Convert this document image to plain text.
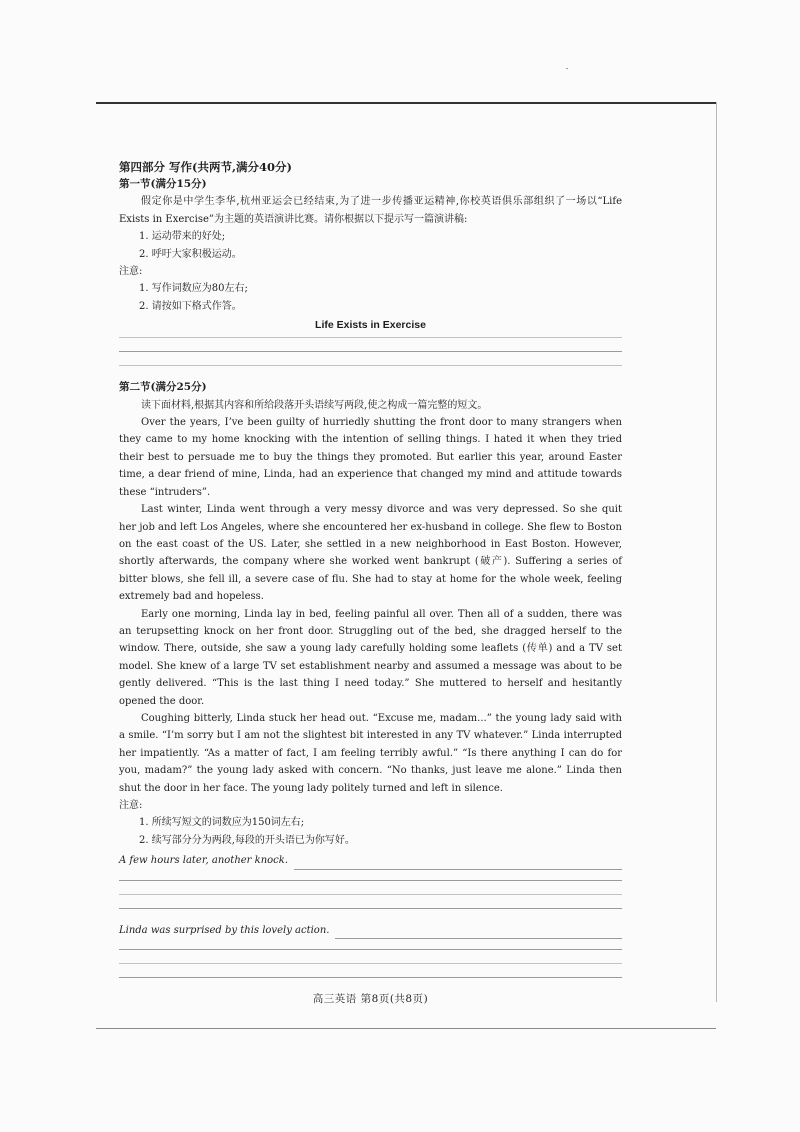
第四部分 写作(共两节,满分40分)

第一节(满分15分)

假定你是中学生李华,杭州亚运会已经结束,为了进一步传播亚运精神,你校英语俱乐部组织了一场以“Life Exists in Exercise”为主题的英语演讲比赛。请你根据以下提示写一篇演讲稿:

1. 运动带来的好处;

2. 呼吁大家积极运动。

注意:

1. 写作词数应为80左右;

2. 请按如下格式作答。

Life Exists in Exercise

第二节(满分25分)

读下面材料,根据其内容和所给段落开头语续写两段,使之构成一篇完整的短文。

Over the years, I’ve been guilty of hurriedly shutting the front door to many strangers when they came to my home knocking with the intention of selling things. I hated it when they tried their best to persuade me to buy the things they promoted. But earlier this year, around Easter time, a dear friend of mine, Linda, had an experience that changed my mind and attitude towards these “intruders”.

Last winter, Linda went through a very messy divorce and was very depressed. So she quit her job and left Los Angeles, where she encountered her ex-husband in college. She flew to Boston on the east coast of the US. Later, she settled in a new neighborhood in East Boston. However, shortly afterwards, the company where she worked went bankrupt (破产). Suffering a series of bitter blows, she fell ill, a severe case of flu. She had to stay at home for the whole week, feeling extremely bad and hopeless.

Early one morning, Linda lay in bed, feeling painful all over. Then all of a sudden, there was an terupsetting knock on her front door. Struggling out of the bed, she dragged herself to the window. There, outside, she saw a young lady carefully holding some leaflets (传单) and a TV set model. She knew of a large TV set establishment nearby and assumed a message was about to be gently delivered. “This is the last thing I need today.” She muttered to herself and hesitantly opened the door.

Coughing bitterly, Linda stuck her head out. “Excuse me, madam...” the young lady said with a smile. “I’m sorry but I am not the slightest bit interested in any TV whatever.” Linda interrupted her impatiently. “As a matter of fact, I am feeling terribly awful.” “Is there anything I can do for you, madam?” the young lady asked with concern. “No thanks, just leave me alone.” Linda then shut the door in her face. The young lady politely turned and left in silence.

注意:

1. 所续写短文的词数应为150词左右;

2. 续写部分分为两段,每段的开头语已为你写好。

A few hours later, another knock.
Linda was surprised by this lovely action.
高三英语 第8页(共8页)
